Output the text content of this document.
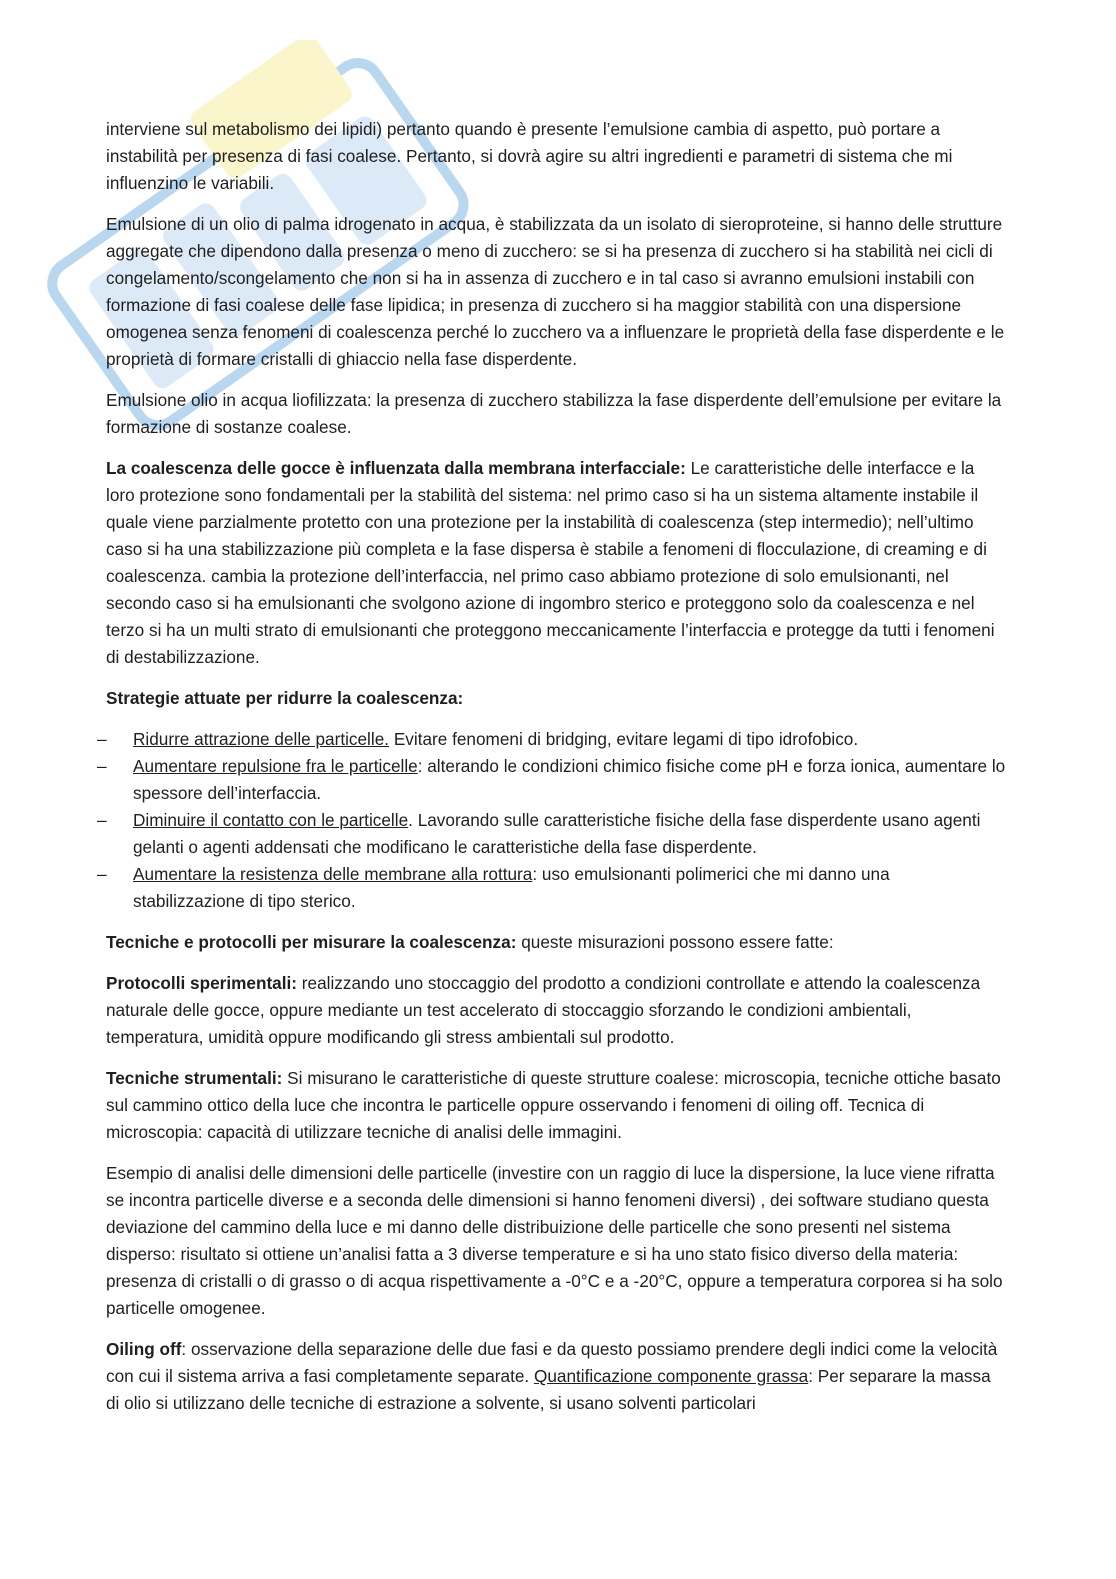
interviene sul metabolismo dei lipidi) pertanto quando è presente l’emulsione cambia di aspetto, può portare a instabilità per presenza di fasi coalese. Pertanto, si dovrà agire su altri ingredienti e parametri di sistema che mi influenzino le variabili.

Emulsione di un olio di palma idrogenato in acqua, è stabilizzata da un isolato di sieroproteine, si hanno delle strutture aggregate che dipendono dalla presenza o meno di zucchero: se si ha presenza di zucchero si ha stabilità nei cicli di congelamento/scongelamento che non si ha in assenza di zucchero e in tal caso si avranno emulsioni instabili con formazione di fasi coalese delle fase lipidica; in presenza di zucchero si ha maggior stabilità con una dispersione omogenea senza fenomeni di coalescenza perché lo zucchero va a influenzare le proprietà della fase disperdente e le proprietà di formare cristalli di ghiaccio nella fase disperdente.

Emulsione olio in acqua liofilizzata: la presenza di zucchero stabilizza la fase disperdente dell’emulsione per evitare la formazione di sostanze coalese.

La coalescenza delle gocce è influenzata dalla membrana interfacciale: Le caratteristiche delle interfacce e la loro protezione sono fondamentali per la stabilità del sistema: nel primo caso si ha un sistema altamente instabile il quale viene parzialmente protetto con una protezione per la instabilità di coalescenza (step intermedio); nell’ultimo caso si ha una stabilizzazione più completa e la fase dispersa è stabile a fenomeni di flocculazione, di creaming e di coalescenza. cambia la protezione dell’interfaccia, nel primo caso abbiamo protezione di solo emulsionanti, nel secondo caso si ha emulsionanti che svolgono azione di ingombro sterico e proteggono solo da coalescenza e nel terzo si ha un multi strato di emulsionanti che proteggono meccanicamente l’interfaccia e protegge da tutti i fenomeni di destabilizzazione.

Strategie attuate per ridurre la coalescenza:

– Ridurre attrazione delle particelle. Evitare fenomeni di bridging, evitare legami di tipo idrofobico.
– Aumentare repulsione fra le particelle: alterando le condizioni chimico fisiche come pH e forza ionica, aumentare lo spessore dell’interfaccia.
– Diminuire il contatto con le particelle. Lavorando sulle caratteristiche fisiche della fase disperdente usano agenti gelanti o agenti addensati che modificano le caratteristiche della fase disperdente.
– Aumentare la resistenza delle membrane alla rottura: uso emulsionanti polimerici che mi danno una stabilizzazione di tipo sterico.

Tecniche e protocolli per misurare la coalescenza: queste misurazioni possono essere fatte:

Protocolli sperimentali: realizzando uno stoccaggio del prodotto a condizioni controllate e attendo la coalescenza naturale delle gocce, oppure mediante un test accelerato di stoccaggio sforzando le condizioni ambientali, temperatura, umidità oppure modificando gli stress ambientali sul prodotto.

Tecniche strumentali: Si misurano le caratteristiche di queste strutture coalese: microscopia, tecniche ottiche basato sul cammino ottico della luce che incontra le particelle oppure osservando i fenomeni di oiling off. Tecnica di microscopia: capacità di utilizzare tecniche di analisi delle immagini.

Esempio di analisi delle dimensioni delle particelle (investire con un raggio di luce la dispersione, la luce viene rifratta se incontra particelle diverse e a seconda delle dimensioni si hanno fenomeni diversi) , dei software studiano questa deviazione del cammino della luce e mi danno delle distribuizione delle particelle che sono presenti nel sistema disperso: risultato si ottiene un’analisi fatta a 3 diverse temperature e si ha uno stato fisico diverso della materia: presenza di cristalli o di grasso o di acqua rispettivamente a -0°C e a -20°C, oppure a temperatura corporea si ha solo particelle omogenee.

Oiling off: osservazione della separazione delle due fasi e da questo possiamo prendere degli indici come la velocità con cui il sistema arriva a fasi completamente separate. Quantificazione componente grassa: Per separare la massa di olio si utilizzano delle tecniche di estrazione a solvente, si usano solventi particolari
